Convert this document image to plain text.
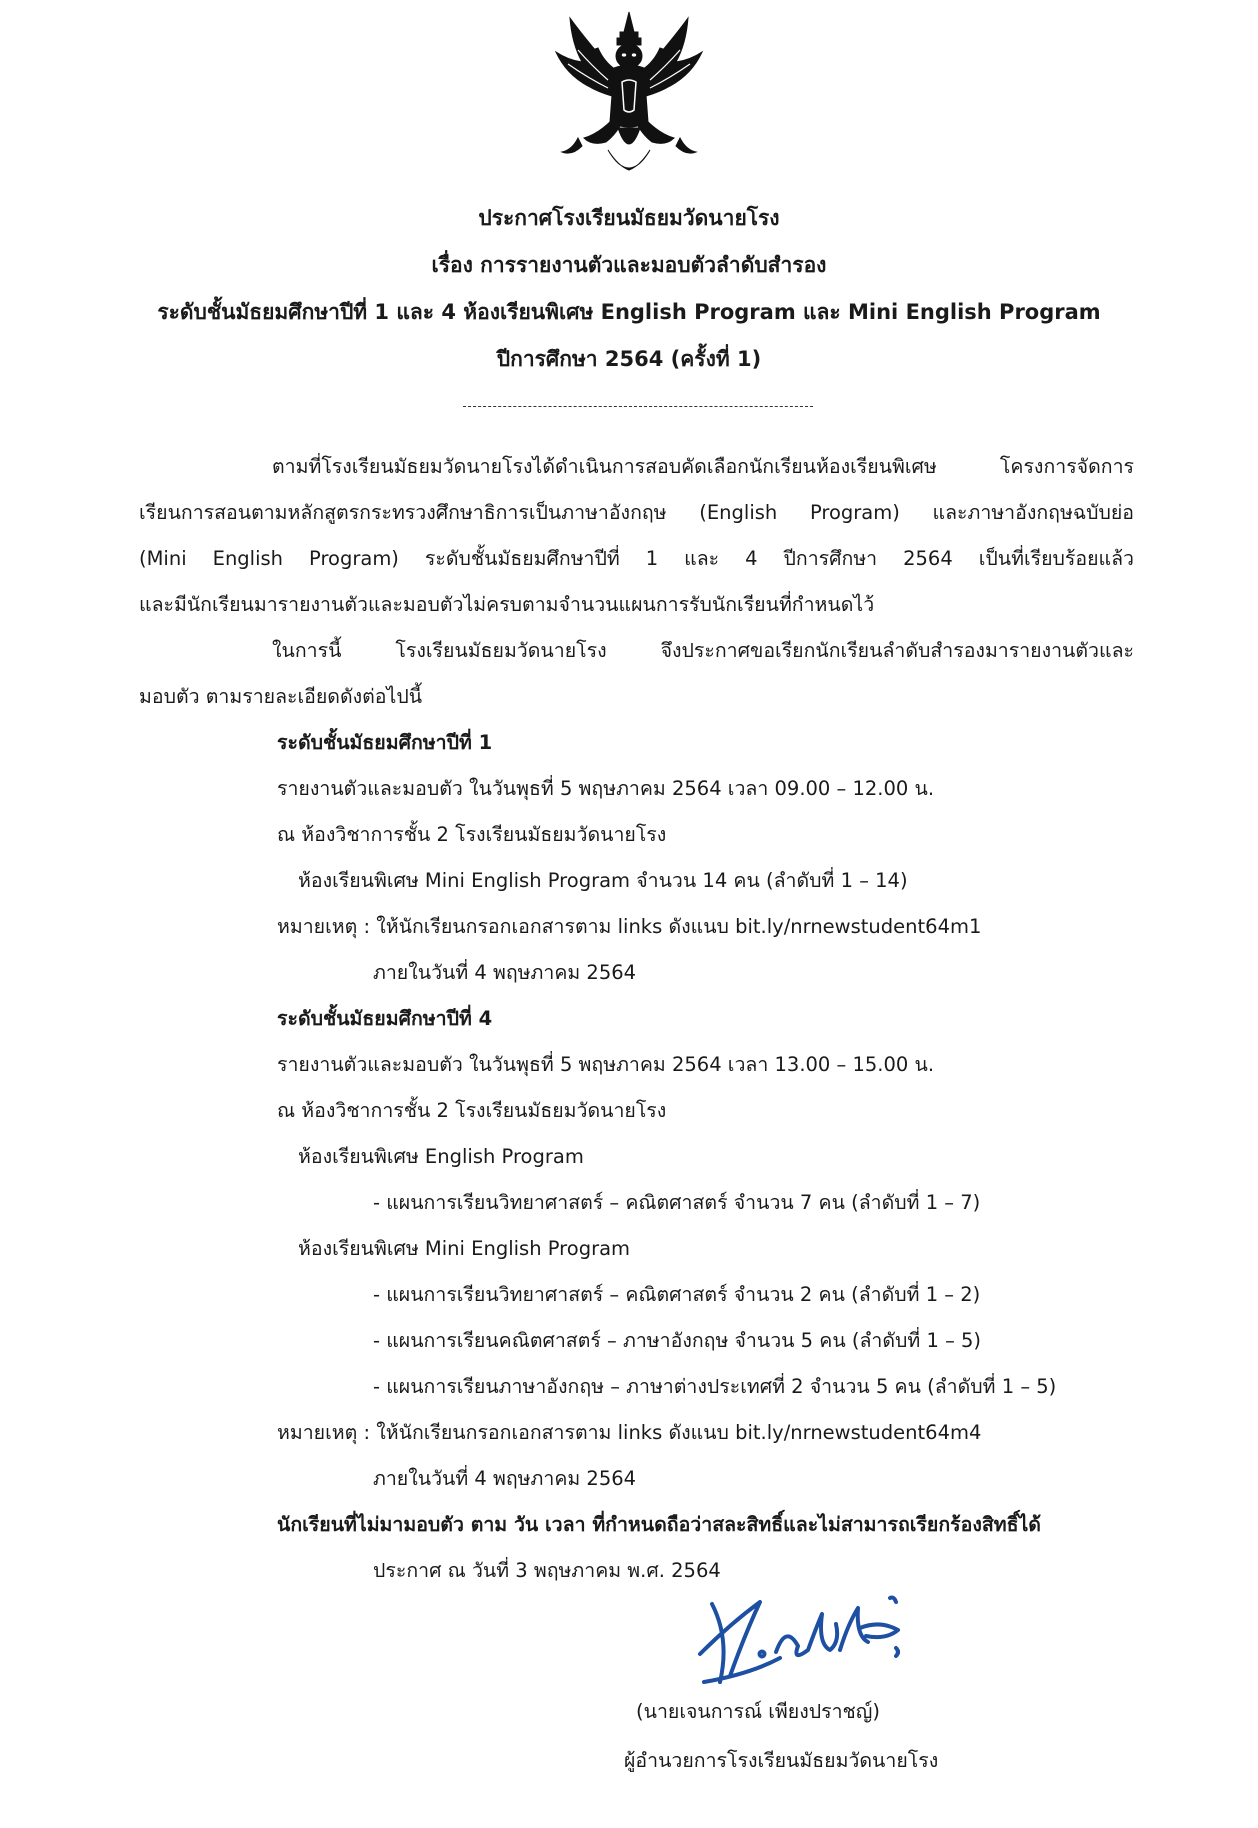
ประกาศโรงเรียนมัธยมวัดนายโรง
เรื่อง การรายงานตัวและมอบตัวลำดับสำรอง
ระดับชั้นมัธยมศึกษาปีที่ 1 และ 4 ห้องเรียนพิเศษ English Program และ Mini English Program
ปีการศึกษา 2564 (ครั้งที่ 1)
ตามที่โรงเรียนมัธยมวัดนายโรงได้ดำเนินการสอบคัดเลือกนักเรียนห้องเรียนพิเศษ โครงการจัดการ
เรียนการสอนตามหลักสูตรกระทรวงศึกษาธิการเป็นภาษาอังกฤษ (English Program) และภาษาอังกฤษฉบับย่อ
(Mini English Program) ระดับชั้นมัธยมศึกษาปีที่ 1 และ 4 ปีการศึกษา 2564 เป็นที่เรียบร้อยแล้ว
และมีนักเรียนมารายงานตัวและมอบตัวไม่ครบตามจำนวนแผนการรับนักเรียนที่กำหนดไว้
ในการนี้ โรงเรียนมัธยมวัดนายโรง จึงประกาศขอเรียกนักเรียนลำดับสำรองมารายงานตัวและ
มอบตัว ตามรายละเอียดดังต่อไปนี้
ระดับชั้นมัธยมศึกษาปีที่ 1
รายงานตัวและมอบตัว ในวันพุธที่ 5 พฤษภาคม 2564 เวลา 09.00 – 12.00 น.
ณ ห้องวิชาการชั้น 2 โรงเรียนมัธยมวัดนายโรง
ห้องเรียนพิเศษ Mini English Program จำนวน 14 คน (ลำดับที่ 1 – 14)
หมายเหตุ : ให้นักเรียนกรอกเอกสารตาม links ดังแนบ bit.ly/nrnewstudent64m1
ภายในวันที่ 4 พฤษภาคม 2564
ระดับชั้นมัธยมศึกษาปีที่ 4
รายงานตัวและมอบตัว ในวันพุธที่ 5 พฤษภาคม 2564 เวลา 13.00 – 15.00 น.
ณ ห้องวิชาการชั้น 2 โรงเรียนมัธยมวัดนายโรง
ห้องเรียนพิเศษ English Program
- แผนการเรียนวิทยาศาสตร์ – คณิตศาสตร์ จำนวน 7 คน (ลำดับที่ 1 – 7)
ห้องเรียนพิเศษ Mini English Program
- แผนการเรียนวิทยาศาสตร์ – คณิตศาสตร์ จำนวน 2 คน (ลำดับที่ 1 – 2)
- แผนการเรียนคณิตศาสตร์ – ภาษาอังกฤษ จำนวน 5 คน (ลำดับที่ 1 – 5)
- แผนการเรียนภาษาอังกฤษ – ภาษาต่างประเทศที่ 2 จำนวน 5 คน (ลำดับที่ 1 – 5)
หมายเหตุ : ให้นักเรียนกรอกเอกสารตาม links ดังแนบ bit.ly/nrnewstudent64m4
ภายในวันที่ 4 พฤษภาคม 2564
นักเรียนที่ไม่มามอบตัว ตาม วัน เวลา ที่กำหนดถือว่าสละสิทธิ์และไม่สามารถเรียกร้องสิทธิ์ได้
ประกาศ ณ วันที่ 3 พฤษภาคม พ.ศ. 2564
(นายเจนการณ์ เพียงปราชญ์)
ผู้อำนวยการโรงเรียนมัธยมวัดนายโรง
